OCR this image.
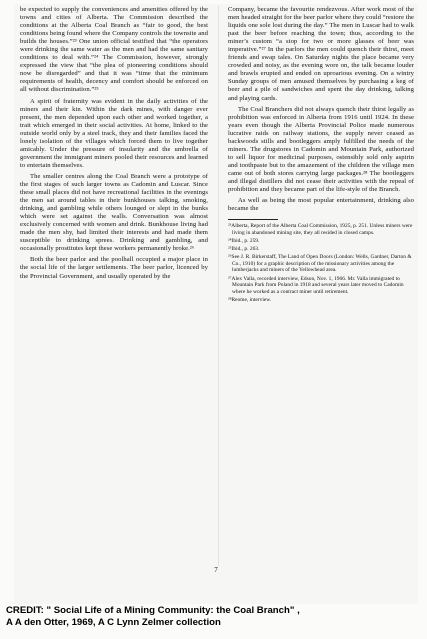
be expected to supply the conveniences and amenities offered by the towns and cities of Alberta. The Commission described the conditions at the Alberta Coal Branch as “fair to good, the best conditions being found where the Company controls the townsite and builds the houses.”²³ One union official testified that “the operators were drinking the same water as the men and had the same sanitary conditions to deal with.”²⁴ The Commission, however, strongly expressed the view that “the plea of pioneering conditions should now be disregarded” and that it was “time that the minimum requirements of health, decency and comfort should be enforced on all without discrimination.”²⁵

A spirit of fraternity was evident in the daily activities of the miners and their kin. Within the dark mines, with danger ever present, the men depended upon each other and worked together, a trait which emerged in their social activities. At home, linked to the outside world only by a steel track, they and their families faced the lonely isolation of the villages which forced them to live together amicably. Under the pressure of insularity and the umbrella of government the immigrant miners pooled their resources and learned to entertain themselves.

The smaller centres along the Coal Branch were a prototype of the first stages of such larger towns as Cadomin and Luscar. Since these small places did not have recreational facilities in the evenings the men sat around tables in their bunkhouses talking, smoking, drinking, and gambling while others lounged or slept in the bunks which were set against the walls. Conversation was almost exclusively concerned with women and drink. Bunkhouse living had made the men shy, had limited their interests and had made them susceptible to drinking sprees. Drinking and gambling, and occasionally prostitutes kept these workers permanently broke.²⁶

Both the beer parlor and the poolhall occupied a major place in the social life of the larger settlements. The beer parlor, licenced by the Provincial Government, and usually operated by the

Company, became the favourite rendezvous. After work most of the men headed straight for the beer parlor where they could “restore the liquids one sole lost during the day.” The men in Luscar had to walk past the beer before reaching the town; thus, according to the miner’s custom “a stop for two or more glasses of beer was imperative.”²⁷ In the parlors the men could quench their thirst, meet friends and swap tales. On Saturday nights the place became very crowded and noisy, as the evening wore on, the talk became louder and brawls erupted and ended on uproarious evening. On a wintry Sunday groups of men amused themselves by purchasing a keg of beer and a pile of sandwiches and spent the day drinking, talking and playing cards.

The Coal Branchers did not always quench their thirst legally as prohibition was enforced in Alberta from 1916 until 1924. In these years even though the Alberta Provincial Police made numerous lucrative raids on railway stations, the supply never ceased as backwoods stills and bootleggers amply fulfilled the needs of the miners. The drugstores in Cadomin and Mountain Park, authorized to sell liquor for medicinal purposes, ostensibly sold only aspirin and toothpaste but to the amazement of the children the village men came out of both stores carrying large packages.²⁸ The bootleggers and illegal distillers did not cease their activities with the repeal of prohibition and they became part of the life-style of the Branch.

As well as being the most popular entertainment, drinking also became the

²³Alberta, Report of the Alberta Coal Commission, 1925, p. 251. Unless miners were living in abandoned mining site, they all resided in closed camps.
²⁴Ibid., p. 259.
²⁵Ibid., p. 263.
²⁶See J. R. Birkerstaff, The Land of Open Doors (London: Wells, Gardner, Darton & Co., 1910) for a graphic description of the missionary activities among the lumberjacks and miners of the Yellowhead area.
²⁷Alex Valla, recorded interview, Edson, Nov. 1, 1966. Mr. Valla immigrated to Mountain Park from Poland in 1918 and several years later moved to Cadomin where he worked as a contract miner until retirement.
²⁸Reome, interview.
7
CREDIT: " Social Life of a Mining Community: the Coal Branch" ,
A A den Otter, 1969, A C Lynn Zelmer collection
